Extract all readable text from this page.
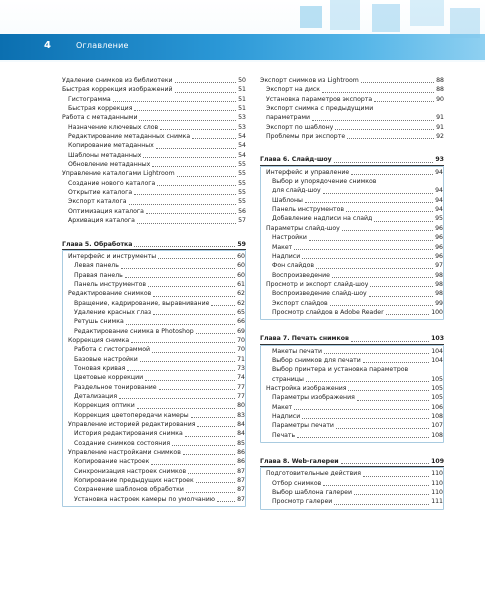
4	Оглавление
Удаление снимков из библиотеки	50
Быстрая коррекция изображений	51
Гистограмма	51
Быстрая коррекция	51
Работа с метаданными	53
Назначение ключевых слов	53
Редактирование метаданных снимка	54
Копирование метаданных	54
Шаблоны метаданных	54
Обновление метаданных	55
Управление каталогами Lightroom	55
Создание нового каталога	55
Открытие каталога	55
Экспорт каталога	55
Оптимизация каталога	56
Архивация каталога	57
Глава 5. Обработка	59
Интерфейс и инструменты	60
Левая панель	60
Правая панель	60
Панель инструментов	61
Редактирование снимков	62
Вращение, кадрирование, выравнивание	62
Удаление красных глаз	65
Ретушь снимка	66
Редактирование снимка в Photoshop	69
Коррекция снимка	70
Работа с гистограммой	70
Базовые настройки	71
Тоновая кривая	73
Цветовые коррекции	74
Раздельное тонирование	77
Детализация	77
Коррекция оптики	80
Коррекция цветопередачи камеры	83
Управление историей редактирования	84
История редактирования снимка	84
Создание снимков состояния	85
Управление настройками снимков	86
Копирование настроек	86
Синхронизация настроек снимков	87
Копирование предыдущих настроек	87
Сохранение шаблонов обработки	87
Установка настроек камеры по умолчанию	87
Экспорт снимков из Lightroom	88
Экспорт на диск	88
Установка параметров экспорта	90
Экспорт снимка с предыдущими
параметрами	91
Экспорт по шаблону	91
Проблемы при экспорте	92
Глава 6. Слайд-шоу	93
Интерфейс и управление	94
Выбор и упорядочение снимков
для слайд-шоу	94
Шаблоны	94
Панель инструментов	94
Добавление надписи на слайд	95
Параметры слайд-шоу	96
Настройки	96
Макет	96
Надписи	96
Фон слайдов	97
Воспроизведение	98
Просмотр и экспорт слайд-шоу	98
Воспроизведение слайд-шоу	98
Экспорт слайдов	99
Просмотр слайдов в Adobe Reader	100
Глава 7. Печать снимков	103
Макеты печати	104
Выбор снимков для печати	104
Выбор принтера и установка параметров
страницы	105
Настройка изображения	105
Параметры изображения	105
Макет	106
Надписи	108
Параметры печати	107
Печать	108
Глава 8. Web-галереи	109
Подготовительные действия	110
Отбор снимков	110
Выбор шаблона галереи	110
Просмотр галереи	111
